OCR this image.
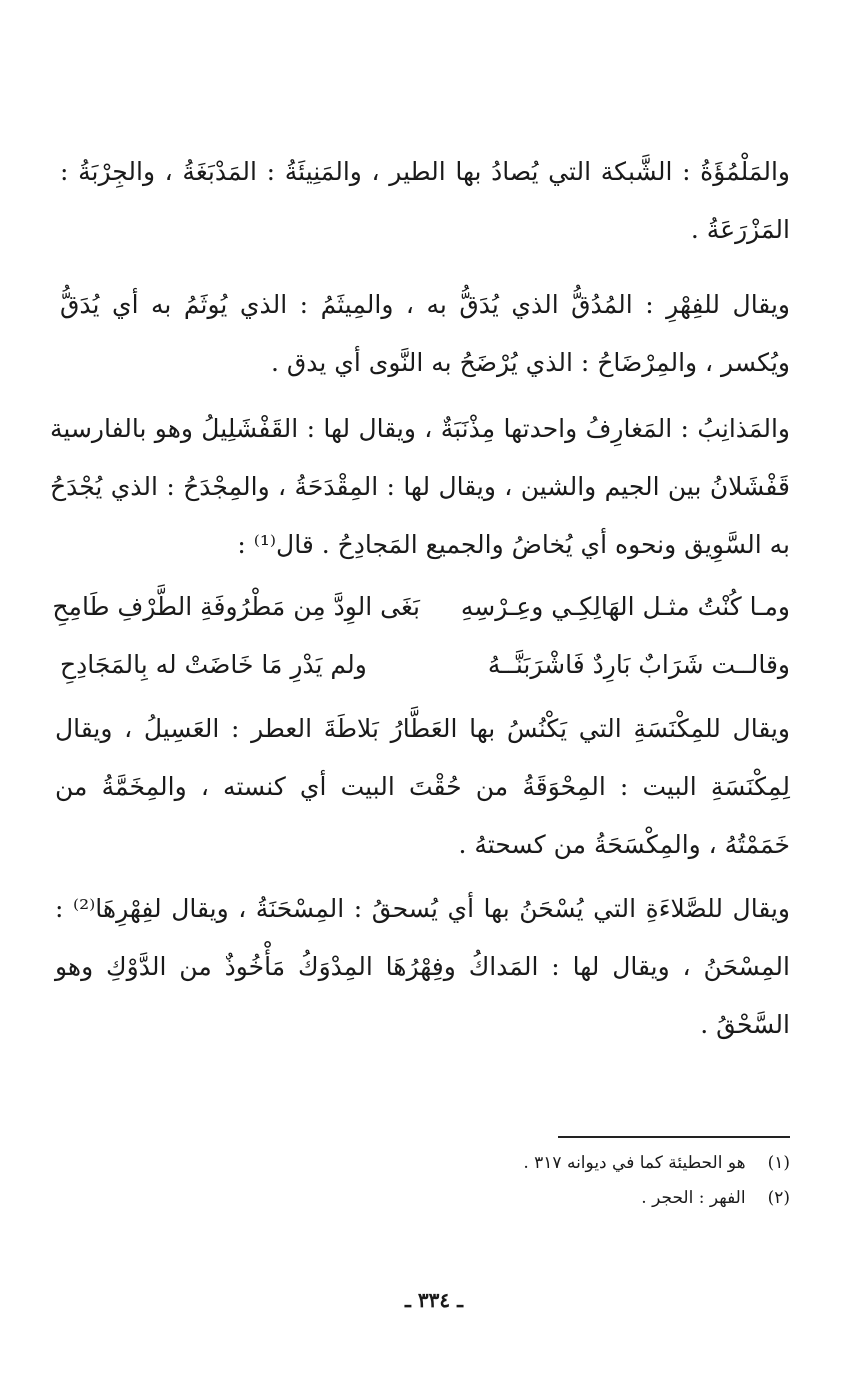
والمَلْمُؤَةُ : الشَّبكة التي يُصادُ بها الطير ، والمَنِيئَةُ : المَدْبَغَةُ ، والجِرْبَةُ : المَزْرَعَةُ .

ويقال للفِهْرِ : المُدُقُّ الذي يُدَقُّ به ، والمِيثَمُ : الذي يُوثَمُ به أي يُدَقُّ ويُكسر ، والمِرْضَاحُ : الذي يُرْضَحُ به النَّوى أي يدق .

والمَذانِبُ : المَغارِفُ واحدتها مِذْنَبَةٌ ، ويقال لها : القَفْشَلِيلُ وهو بالفارسية قَفْشَلانُ بين الجيم والشين ، ويقال لها : المِقْدَحَةُ ، والمِجْدَحُ : الذي يُجْدَحُ به السَّوِيق ونحوه أي يُخاضُ والجميع المَجادِحُ . قال⁽¹⁾ :

ومـا كُنْتُ مثـل الهَالِكِـي وعِـرْسِهِ
بَغَى الوِدَّ مِن مَطْرُوفَةِ الطَّرْفِ طَامِحِ
وقالــت شَرَابٌ بَارِدٌ فَاشْرَبَنَّــهُ
ولم يَدْرِ مَا خَاضَتْ له بِالمَجَادِحِ

ويقال للمِكْنَسَةِ التي يَكْنُسُ بها العَطَّارُ بَلاطَةَ العطر : العَسِيلُ ، ويقال لِمِكْنَسَةِ البيت : المِحْوَقَةُ من حُقْتَ البيت أي كنسته ، والمِخَمَّةُ من خَمَمْتُهُ ، والمِكْسَحَةُ من كسحتهُ .

ويقال للصَّلاءَةِ التي يُسْحَنُ بها أي يُسحقُ : المِسْحَنَةُ ، ويقال لفِهْرِهَا⁽²⁾ : المِسْحَنُ ، ويقال لها : المَداكُ وفِهْرُهَا المِدْوَكُ مَأْخُوذٌ من الدَّوْكِ وهو السَّحْقُ .

(١)هو الحطيئة كما في ديوانه ٣١٧ .
(٢)الفهر : الحجر .
ـ ٣٣٤ ـ
